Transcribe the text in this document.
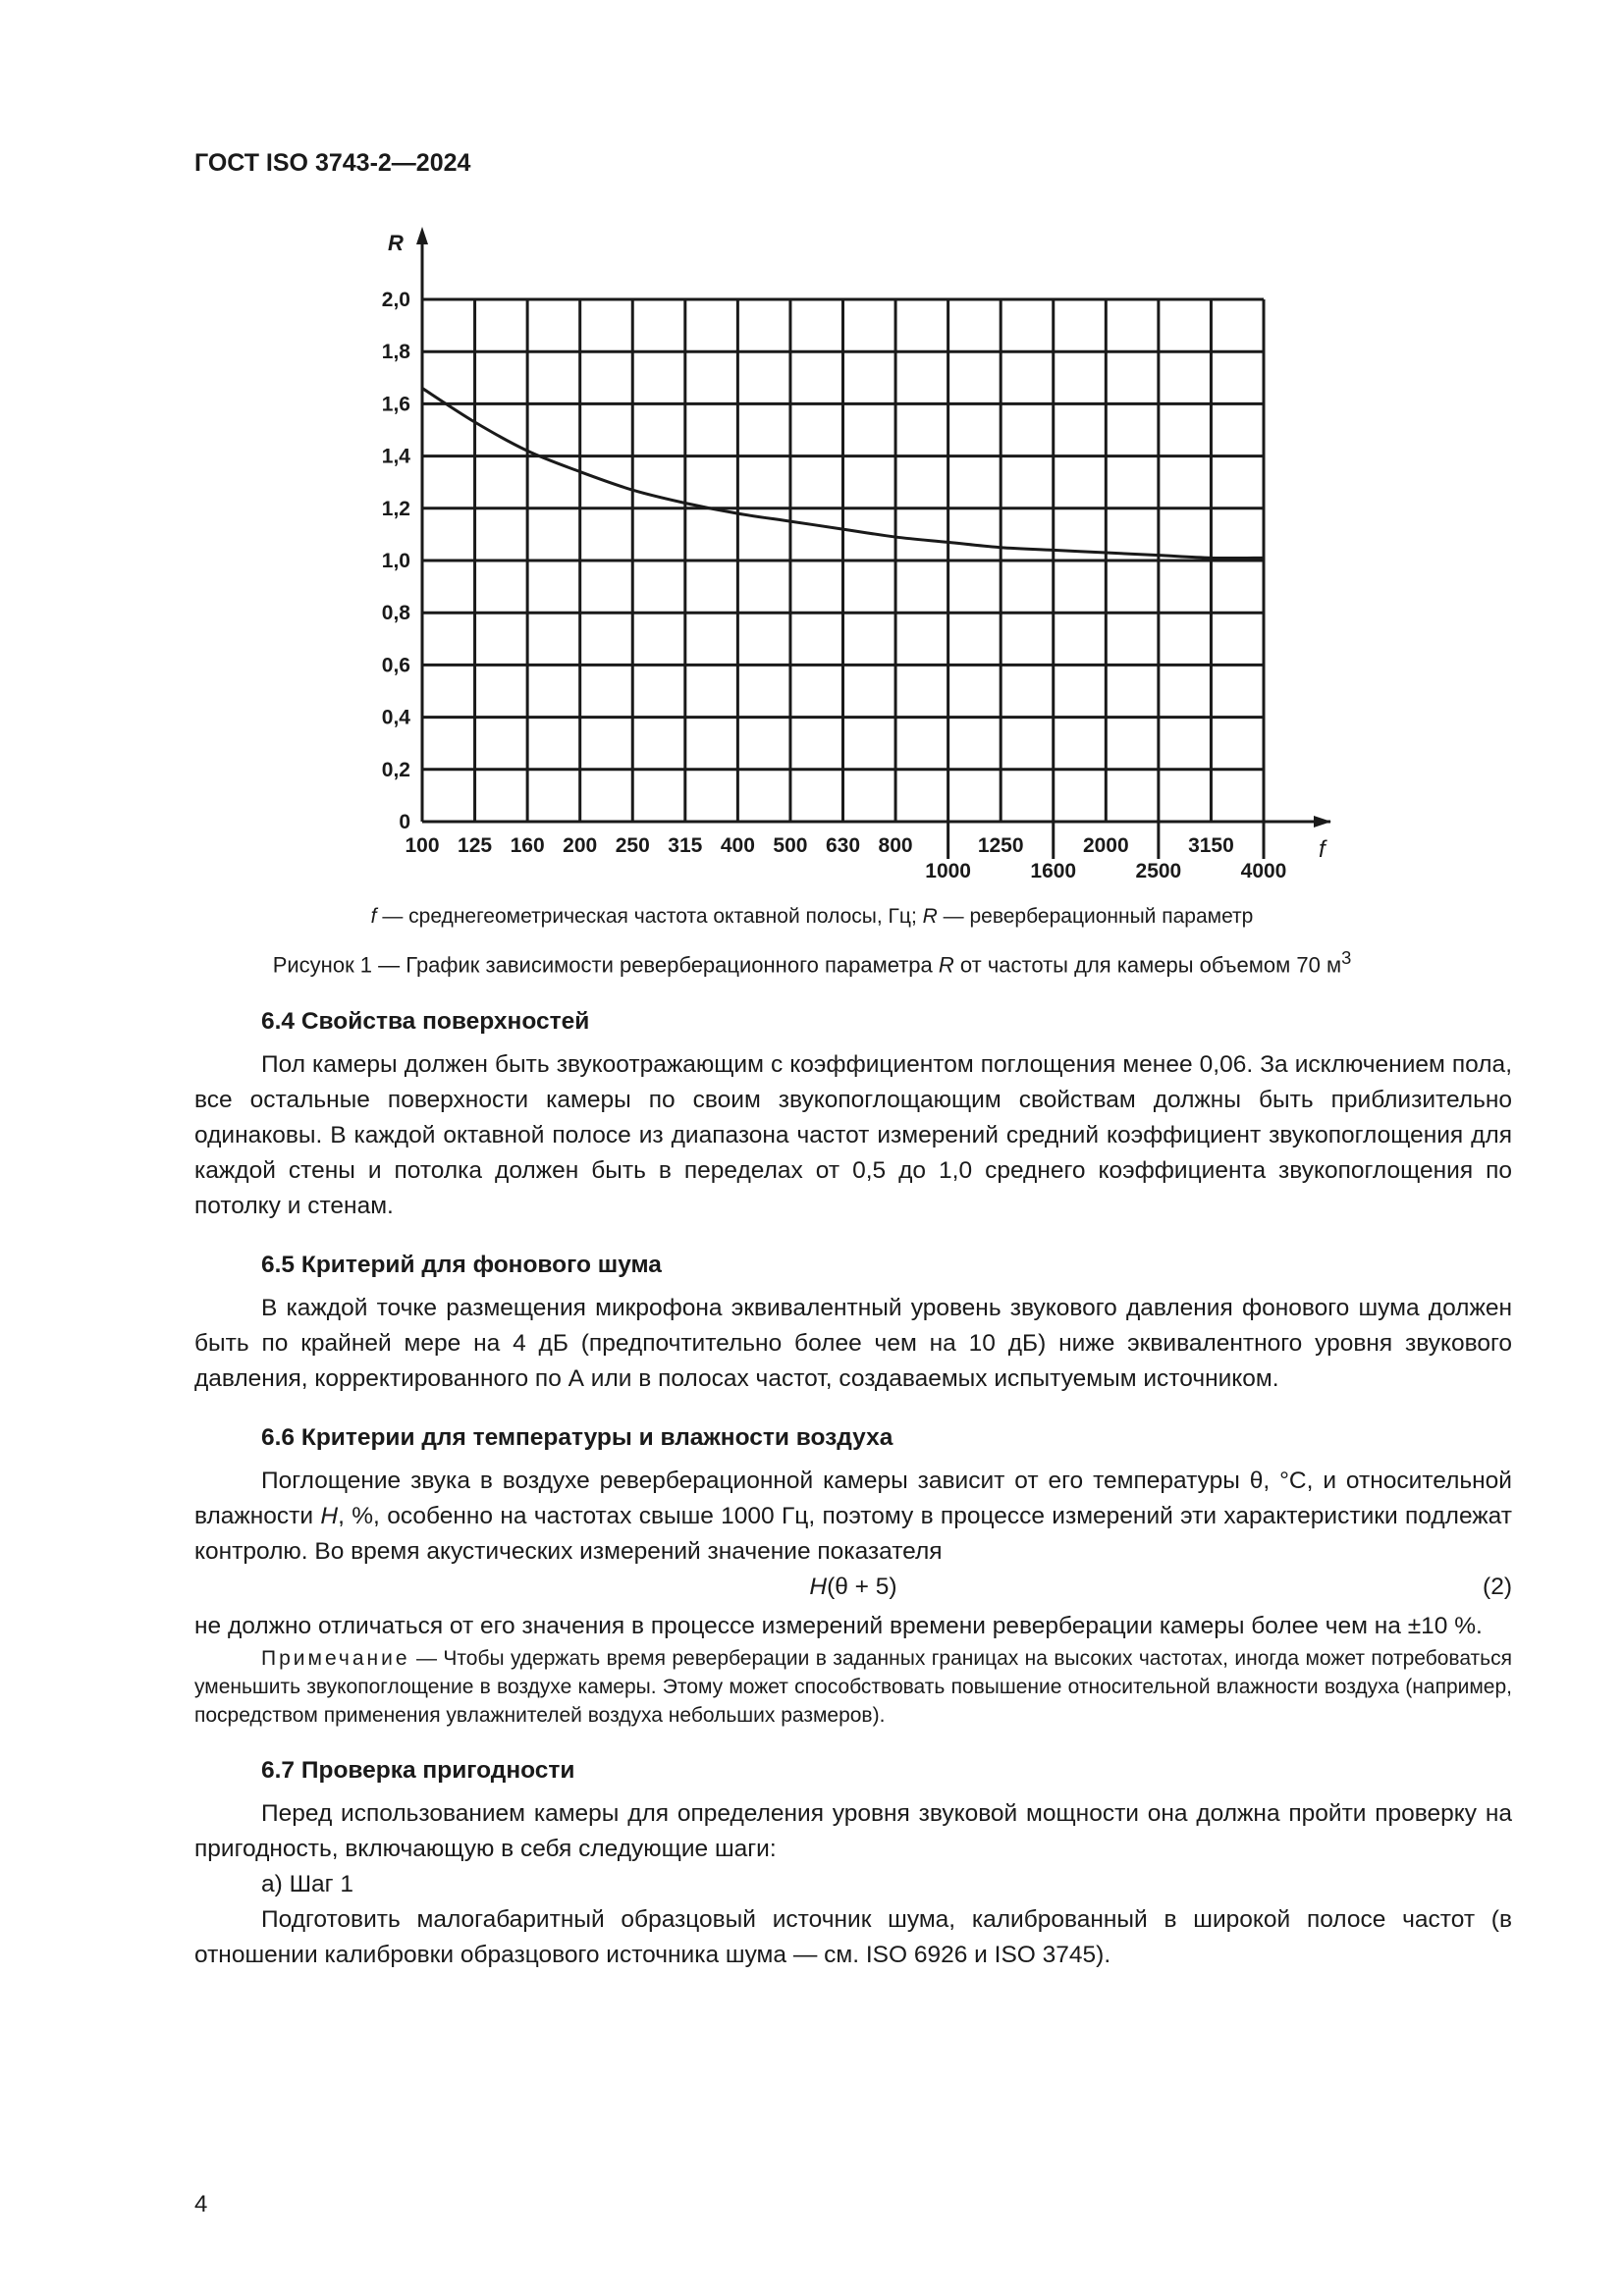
ГОСТ ISO 3743-2—2024
0
0,2
0,4
0,6
0,8
1,0
1,2
1,4
1,6
1,8
2,0
100 125 160 200 250 315 400 500 630 800	1250	2000	3150
1000	1600	2500	4000
R
f
f — среднегеометрическая частота октавной полосы, Гц; R — реверберационный параметр
Рисунок 1 — График зависимости реверберационного параметра R от частоты для камеры объемом 70 $м^3$
6.4 Свойства поверхностей

Пол камеры должен быть звукоотражающим с коэффициентом поглощения менее 0,06. За исключением пола, все остальные поверхности камеры по своим звукопоглощающим свойствам должны быть приблизительно одинаковы. В каждой октавной полосе из диапазона частот измерений средний коэффициент звукопоглощения для каждой стены и потолка должен быть в переделах от 0,5 до 1,0 среднего коэффициента звукопоглощения по потолку и стенам.

6.5 Критерий для фонового шума

В каждой точке размещения микрофона эквивалентный уровень звукового давления фонового шума должен быть по крайней мере на 4 дБ (предпочтительно более чем на 10 дБ) ниже эквивалентного уровня звукового давления, корректированного по А или в полосах частот, создаваемых испытуемым источником.

6.6 Критерии для температуры и влажности воздуха

Поглощение звука в воздухе реверберационной камеры зависит от его температуры θ, °C, и относительной влажности H, %, особенно на частотах свыше 1000 Гц, поэтому в процессе измерений эти характеристики подлежат контролю. Во время акустических измерений значение показателя

H(θ + 5)	(2)

не должно отличаться от его значения в процессе измерений времени реверберации камеры более чем на ±10 %.

Примечание — Чтобы удержать время реверберации в заданных границах на высоких частотах, иногда может потребоваться уменьшить звукопоглощение в воздухе камеры. Этому может способствовать повышение относительной влажности воздуха (например, посредством применения увлажнителей воздуха небольших размеров).

6.7 Проверка пригодности

Перед использованием камеры для определения уровня звуковой мощности она должна пройти проверку на пригодность, включающую в себя следующие шаги:

а) Шаг 1

Подготовить малогабаритный образцовый источник шума, калиброванный в широкой полосе частот (в отношении калибровки образцового источника шума — см. ISO 6926 и ISO 3745).

4
